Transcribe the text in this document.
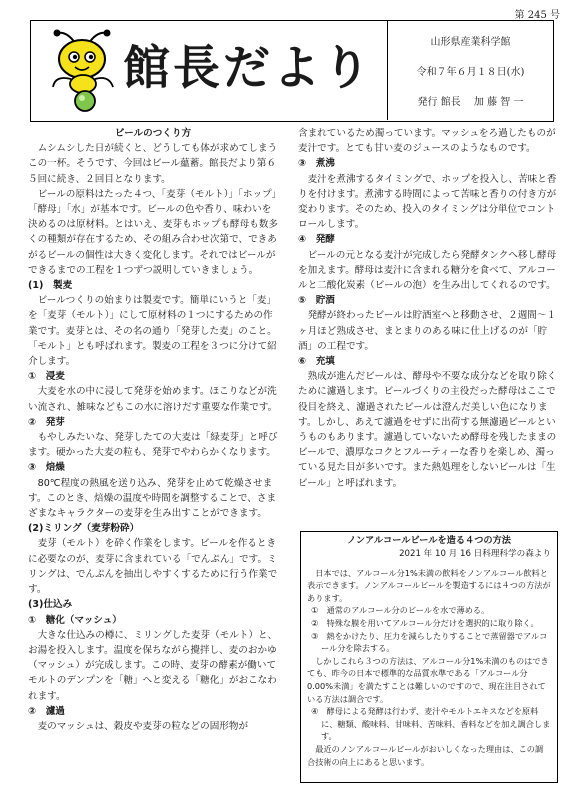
第 245 号
館長だより	山形県産業科学館
令和７年６月１８日(水)
発行 館長　 加 藤 智 一
ビールのつくり方

ムシムシした日が続くと、どうしても体が求めてしまうこの一杯。そうです、今回はビール蘊蓄。館長だより第６５回に続き、２回目となります。

ビールの原料はたった４つ、「麦芽（モルト）」「ホップ」「酵母」「水」が基本です。ビールの色や香り、味わいを決めるのは原材料。とはいえ、麦芽もホップも酵母も数多くの種類が存在するため、その組み合わせ次第で、できあがるビールの個性は大きく変化します。それではビールができるまでの工程を１つずつ説明していきましょう。

(1)　製麦

ビールつくりの始まりは製麦です。簡単にいうと「麦」を「麦芽（モルト）」にして原材料の１つにするための作業です。麦芽とは、その名の通り「発芽した麦」のこと。「モルト」とも呼ばれます。製麦の工程を３つに分けて紹介します。

①　浸麦

大麦を水の中に浸して発芽を始めます。ほこりなどが洗い流され、雑味などもこの水に溶けだす重要な作業です。

②　発芽

もやしみたいな、発芽したての大麦は「緑麦芽」と呼びます。硬かった大麦の粒も、発芽でやわらかくなります。

③　焙燥

80℃程度の熱風を送り込み、発芽を止めて乾燥させます。このとき、焙燥の温度や時間を調整することで、さまざまなキャラクターの麦芽を生み出すことができます。

(2)ミリング（麦芽粉砕）

麦芽（モルト）を砕く作業をします。ビールを作るときに必要なのが、麦芽に含まれている「でんぷん」です。ミリングは、でんぷんを抽出しやすくするために行う作業です。

(3)仕込み

①　糖化（マッシュ）

大きな仕込みの樽に、ミリングした麦芽（モルト）と、お湯を投入します。温度を保ちながら攪拌し、麦のおかゆ（マッシュ）が完成します。この時、麦芽の酵素が働いてモルトのデンプンを「糖」へと変える「糖化」がおこなわれます。

②　濾過

麦のマッシュは、穀皮や麦芽の粒などの固形物が

含まれているため濁っています。マッシュをろ過したものが麦汁です。とても甘い麦のジュースのようなものです。

③　煮沸

麦汁を煮沸するタイミングで、ホップを投入し、苦味と香りを付けます。煮沸する時間によって苦味と香りの付き方が変わります。そのため、投入のタイミングは分単位でコントロールします。

④　発酵

ビールの元となる麦汁が完成したら発酵タンクへ移し酵母を加えます。酵母は麦汁に含まれる糖分を食べて、アルコールと二酸化炭素（ビールの泡）を生み出してくれるのです。

⑤　貯酒

発酵が終わったビールは貯酒室へと移動させ、２週間～１ヶ月ほど熟成させ、まとまりのある味に仕上げるのが「貯酒」の工程です。

⑥　充填

熟成が進んだビールは、酵母や不要な成分などを取り除くために濾過します。ビールづくりの主役だった酵母はここで役目を終え、濾過されたビールは澄んだ美しい色になります。しかし、あえて濾過をせずに出荷する無濾過ビールというものもあります。濾過していないため酵母を残したままのビールで、濃厚なコクとフルーティーな香りを楽しめ、濁っている見た目が多いです。また熱処理をしないビールは「生ビール」と呼ばれます。

ノンアルコールビールを造る４つの方法
2021 年 10 月 16 日科理科学の森より

日本では、アルコール分1%未満の飲料をノンアルコール飲料と表示できます。ノンアルコールビールを製造するには４つの方法があります。

①　通常のアルコール分のビールを水で薄める。
②　特殊な膜を用いてアルコール分だけを選択的に取り除く。
③　熱をかけたり、圧力を減らしたりすることで蒸留器でアルコール分を除去する。

しかしこれら３つの方法は、アルコール分1%未満のものはできても、昨今の日本で標準的な品質水準である「アルコール分0.00%未満」を満たすことは難しいのですので、現在注目されている方法は調合です。

④　酵母による発酵は行わず、麦汁やモルトエキスなどを原料に、糖類、酸味料、甘味料、苦味料、香料などを加え調合します。

最近のノンアルコールビールがおいしくなった理由は、この調合技術の向上にあると思います。
